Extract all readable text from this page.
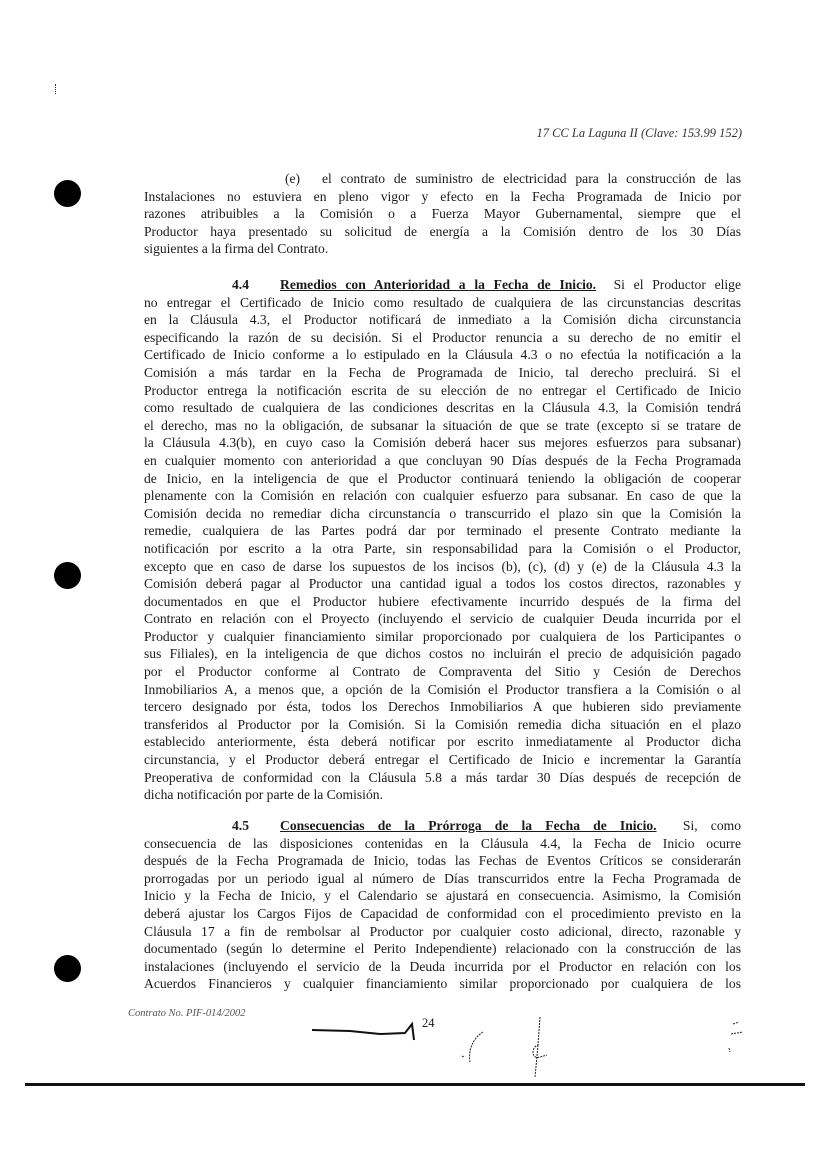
17 CC La Laguna II (Clave: 153.99 152)
(e) el contrato de suministro de electricidad para la construcción de las
Instalaciones no estuviera en pleno vigor y efecto en la Fecha Programada de Inicio por
razones atribuibles a la Comisión o a Fuerza Mayor Gubernamental, siempre que el
Productor haya presentado su solicitud de energía a la Comisión dentro de los 30 Días
siguientes a la firma del Contrato.
4.4 Remedios con Anterioridad a la Fecha de Inicio. Si el Productor elige
no entregar el Certificado de Inicio como resultado de cualquiera de las circunstancias descritas
en la Cláusula 4.3, el Productor notificará de inmediato a la Comisión dicha circunstancia
especificando la razón de su decisión. Si el Productor renuncia a su derecho de no emitir el
Certificado de Inicio conforme a lo estipulado en la Cláusula 4.3 o no efectúa la notificación a la
Comisión a más tardar en la Fecha de Programada de Inicio, tal derecho precluirá. Si el
Productor entrega la notificación escrita de su elección de no entregar el Certificado de Inicio
como resultado de cualquiera de las condiciones descritas en la Cláusula 4.3, la Comisión tendrá
el derecho, mas no la obligación, de subsanar la situación de que se trate (excepto si se tratare de
la Cláusula 4.3(b), en cuyo caso la Comisión deberá hacer sus mejores esfuerzos para subsanar)
en cualquier momento con anterioridad a que concluyan 90 Días después de la Fecha Programada
de Inicio, en la inteligencia de que el Productor continuará teniendo la obligación de cooperar
plenamente con la Comisión en relación con cualquier esfuerzo para subsanar. En caso de que la
Comisión decida no remediar dicha circunstancia o transcurrido el plazo sin que la Comisión la
remedie, cualquiera de las Partes podrá dar por terminado el presente Contrato mediante la
notificación por escrito a la otra Parte, sin responsabilidad para la Comisión o el Productor,
excepto que en caso de darse los supuestos de los incisos (b), (c), (d) y (e) de la Cláusula 4.3 la
Comisión deberá pagar al Productor una cantidad igual a todos los costos directos, razonables y
documentados en que el Productor hubiere efectivamente incurrido después de la firma del
Contrato en relación con el Proyecto (incluyendo el servicio de cualquier Deuda incurrida por el
Productor y cualquier financiamiento similar proporcionado por cualquiera de los Participantes o
sus Filiales), en la inteligencia de que dichos costos no incluirán el precio de adquisición pagado
por el Productor conforme al Contrato de Compraventa del Sitio y Cesión de Derechos
Inmobiliarios A, a menos que, a opción de la Comisión el Productor transfiera a la Comisión o al
tercero designado por ésta, todos los Derechos Inmobiliarios A que hubieren sido previamente
transferidos al Productor por la Comisión. Si la Comisión remedia dicha situación en el plazo
establecido anteriormente, ésta deberá notificar por escrito inmediatamente al Productor dicha
circunstancia, y el Productor deberá entregar el Certificado de Inicio e incrementar la Garantía
Preoperativa de conformidad con la Cláusula 5.8 a más tardar 30 Días después de recepción de
dicha notificación por parte de la Comisión.
4.5 Consecuencias de la Prórroga de la Fecha de Inicio. Si, como
consecuencia de las disposiciones contenidas en la Cláusula 4.4, la Fecha de Inicio ocurre
después de la Fecha Programada de Inicio, todas las Fechas de Eventos Críticos se considerarán
prorrogadas por un periodo igual al número de Días transcurridos entre la Fecha Programada de
Inicio y la Fecha de Inicio, y el Calendario se ajustará en consecuencia. Asimismo, la Comisión
deberá ajustar los Cargos Fijos de Capacidad de conformidad con el procedimiento previsto en la
Cláusula 17 a fin de rembolsar al Productor por cualquier costo adicional, directo, razonable y
documentado (según lo determine el Perito Independiente) relacionado con la construcción de las
instalaciones (incluyendo el servicio de la Deuda incurrida por el Productor en relación con los
Acuerdos Financieros y cualquier financiamiento similar proporcionado por cualquiera de los
Contrato No. PIF-014/2002
24
